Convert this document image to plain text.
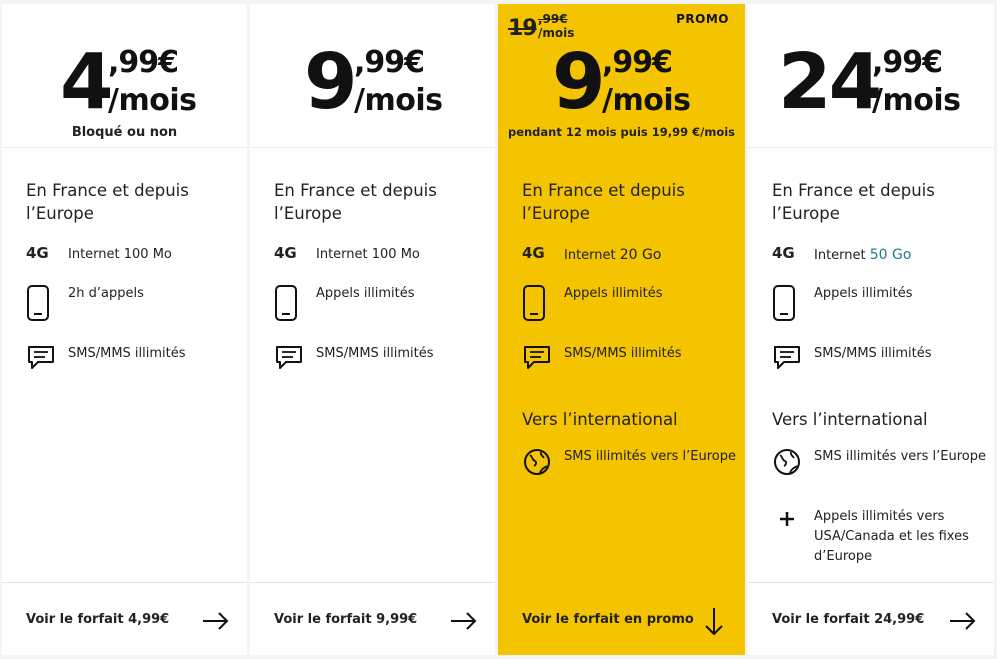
4
,99€
/mois
Bloqué ou non
En France et depuis l’Europe
4G Internet 100 Mo
2h d’appels
SMS/MMS illimités
Voir le forfait 4,99€
9 ,99€
/mois
En France et depuis l’Europe
4G Internet 100 Mo
Appels illimités
SMS/MMS illimités
Voir le forfait 9,99€
19 ,99€
/mois
PROMO
9 ,99€
/mois
pendant 12 mois puis 19,99 €/mois
En France et depuis l’Europe
4G Internet 20 Go
Appels illimités
SMS/MMS illimités
Vers l’international
SMS illimités vers l’Europe
Voir le forfait en promo
24
,99€
/mois
En France et depuis l’Europe
4G Internet 50 Go
Appels illimités
SMS/MMS illimités
Vers l’international
SMS illimités vers l’Europe
Appels illimités vers USA/Canada et les fixes d’Europe
Voir le forfait 24,99€
